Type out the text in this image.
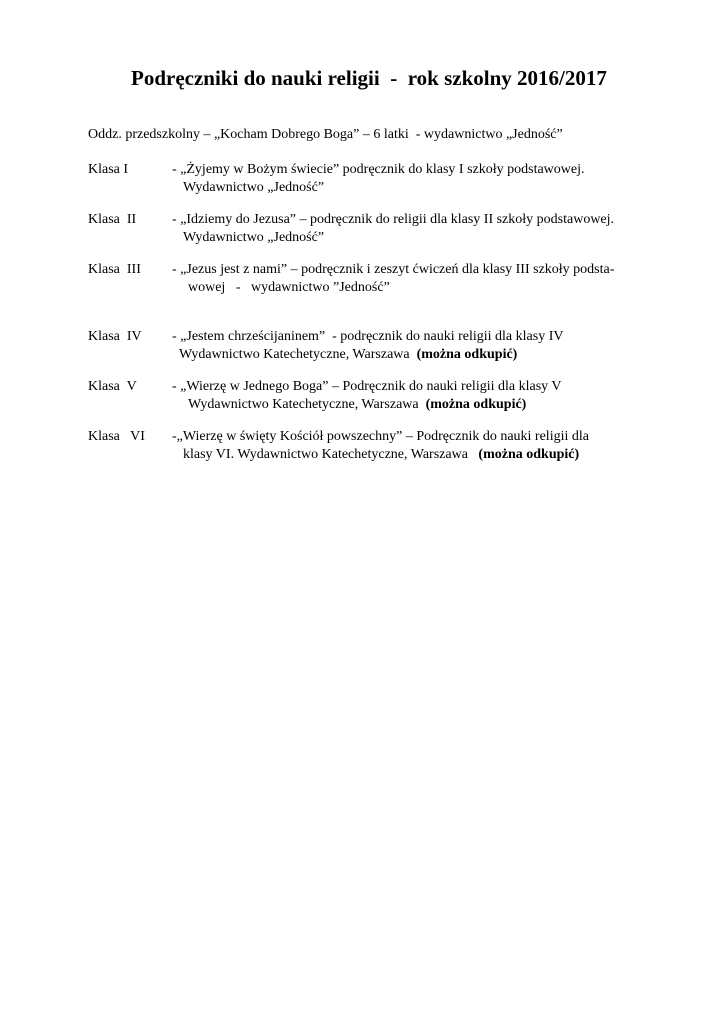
Podręczniki do nauki religii  -  rok szkolny 2016/2017
Oddz. przedszkolny – „Kocham Dobrego Boga” – 6 latki  - wydawnictwo „Jedność”
Klasa I	- „Żyjemy w Bożym świecie” podręcznik do klasy I szkoły podstawowej.
Wydawnictwo „Jedność”
Klasa  II	- „Idziemy do Jezusa” – podręcznik do religii dla klasy II szkoły podstawowej.
Wydawnictwo „Jedność”
Klasa  III - „Jezus jest z nami” – podręcznik i zeszyt ćwiczeń dla klasy III szkoły podsta-
wowej   -   wydawnictwo ”Jedność”
Klasa  IV - „Jestem chrześcijaninem”  - podręcznik do nauki religii dla klasy IV
Wydawnictwo Katechetyczne, Warszawa  (można odkupić)
Klasa  V	- „Wierzę w Jednego Boga” – Podręcznik do nauki religii dla klasy V
Wydawnictwo Katechetyczne, Warszawa  (można odkupić)
Klasa   VI -„Wierzę w święty Kościół powszechny” – Podręcznik do nauki religii dla
klasy VI. Wydawnictwo Katechetyczne, Warszawa   (można odkupić)
